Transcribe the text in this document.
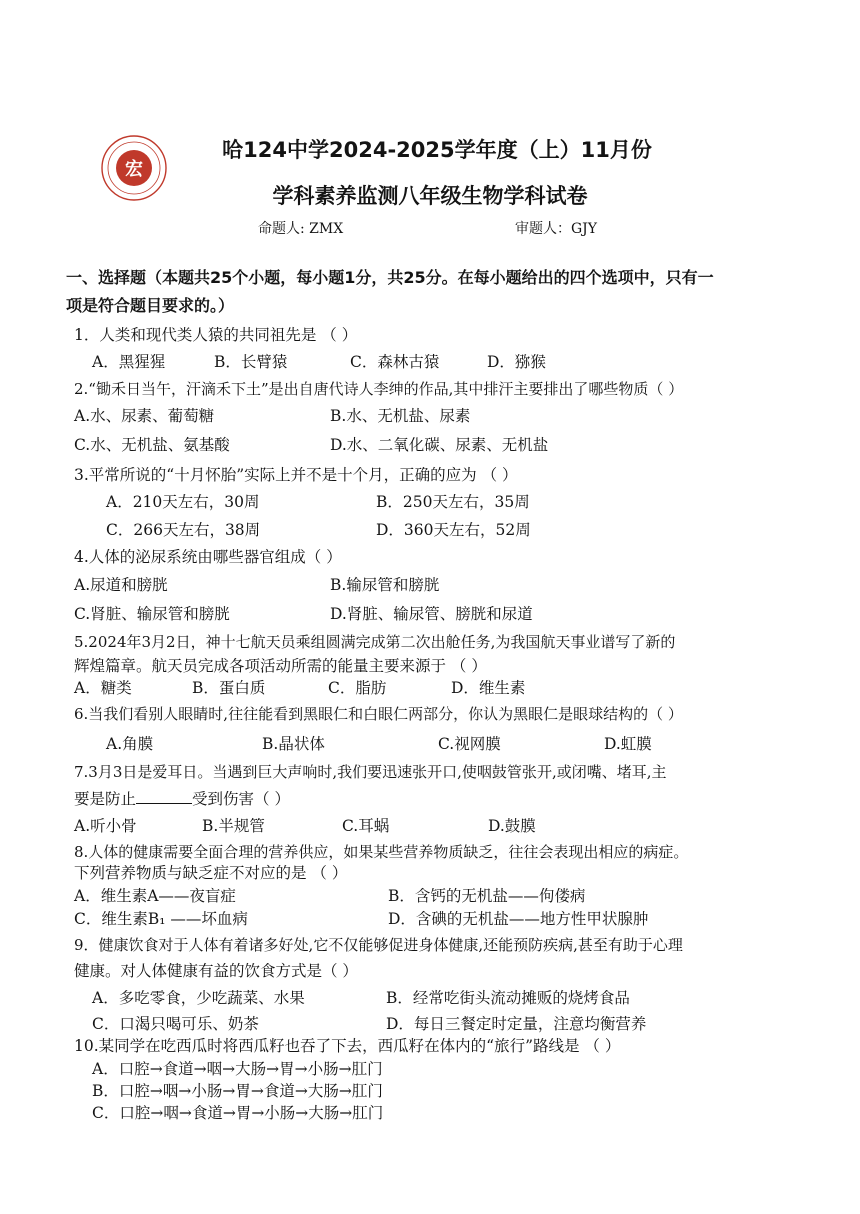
宏
哈124中学2024-2025学年度（上）11月份
学科素养监测八年级生物学科试卷
命题人: ZMX	审题人：GJY
一、选择题（本题共25个小题，每小题1分，共25分。在每小题给出的四个选项中，只有一
项是符合题目要求的。）
1．人类和现代类人猿的共同祖先是 （ ）
A．黑猩猩	B．长臂猿	C．森林古猿	D．猕猴
2.“锄禾日当午，汗滴禾下土”是出自唐代诗人李绅的作品,其中排汗主要排出了哪些物质（ ）
A.水、尿素、葡萄糖	B.水、无机盐、尿素
C.水、无机盐、氨基酸	D.水、二氧化碳、尿素、无机盐
3.平常所说的“十月怀胎”实际上并不是十个月，正确的应为 （ ）
A．210天左右，30周	B．250天左右，35周
C．266天左右，38周	D．360天左右，52周
4.人体的泌尿系统由哪些器官组成（ ）
A.尿道和膀胱	B.输尿管和膀胱
C.肾脏、输尿管和膀胱	D.肾脏、输尿管、膀胱和尿道
5.2024年3月2日，神十七航天员乘组圆满完成第二次出舱任务,为我国航天事业谱写了新的
辉煌篇章。航天员完成各项活动所需的能量主要来源于 （ ）
A．糖类	B．蛋白质	C．脂肪	D．维生素
6.当我们看别人眼睛时,往往能看到黑眼仁和白眼仁两部分，你认为黑眼仁是眼球结构的（ ）
A.角膜	B.晶状体	C.视网膜	D.虹膜
7.3月3日是爱耳日。当遇到巨大声响时,我们要迅速张开口,使咽鼓管张开,或闭嘴、堵耳,主
要是防止	受到伤害（ ）
A.听小骨	B.半规管	C.耳蜗	D.鼓膜
8.人体的健康需要全面合理的营养供应，如果某些营养物质缺乏，往往会表现出相应的病症。
下列营养物质与缺乏症不对应的是 （ ）
A．维生素A——夜盲症	B．含钙的无机盐——佝偻病
C．维生素B₁ ——坏血病	D．含碘的无机盐——地方性甲状腺肿
9．健康饮食对于人体有着诸多好处,它不仅能够促进身体健康,还能预防疾病,甚至有助于心理
健康。对人体健康有益的饮食方式是（ ）
A．多吃零食，少吃蔬菜、水果	B．经常吃街头流动摊贩的烧烤食品
C．口渴只喝可乐、奶茶	D．每日三餐定时定量，注意均衡营养
10.某同学在吃西瓜时将西瓜籽也吞了下去，西瓜籽在体内的“旅行”路线是 （ ）
A．口腔→食道→咽→大肠→胃→小肠→肛门
B．口腔→咽→小肠→胃→食道→大肠→肛门
C．口腔→咽→食道→胃→小肠→大肠→肛门
